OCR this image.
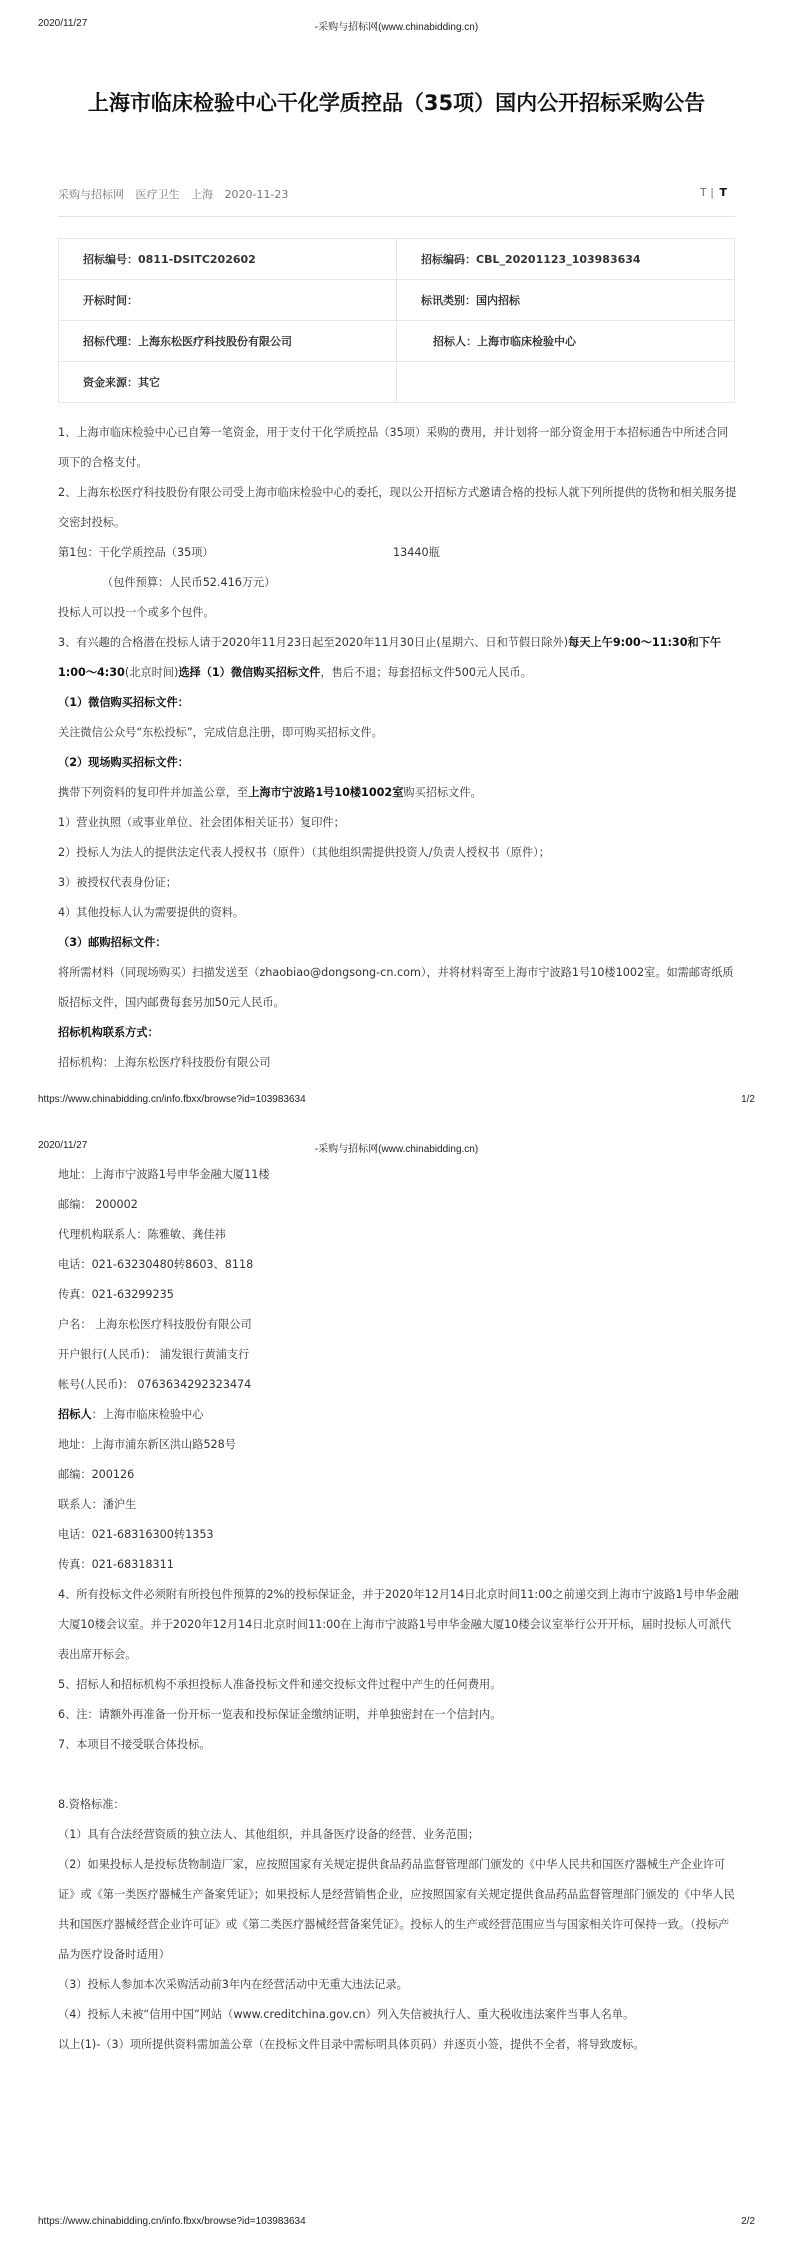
2020/11/27	-采购与招标网(www.chinabidding.cn)
上海市临床检验中心干化学质控品（35项）国内公开招标采购公告
采购与招标网 医疗卫生 上海 2020-11-23	T | T
招标编号：0811-DSITC202602	招标编码：CBL_20201123_103983634
开标时间：	标讯类别：国内招标
招标代理：上海东松医疗科技股份有限公司	招标人：上海市临床检验中心
资金来源：其它	

1、上海市临床检验中心已自筹一笔资金，用于支付干化学质控品（35项）采购的费用，并计划将一部分资金用于本招标通告中所述合同项下的合格支付。

2、上海东松医疗科技股份有限公司受上海市临床检验中心的委托，现以公开招标方式邀请合格的投标人就下列所提供的货物和相关服务提交密封投标。

第1包：干化学质控品（35项）	13440瓶

（包件预算：人民币52.416万元）

投标人可以投一个或多个包件。

3、有兴趣的合格潜在投标人请于2020年11月23日起至2020年11月30日止(星期六、日和节假日除外)每天上午9:00～11:30和下午1:00～4:30(北京时间)选择（1）微信购买招标文件，售后不退；每套招标文件500元人民币。

（1）微信购买招标文件：

关注微信公众号“东松投标”，完成信息注册，即可购买招标文件。

（2）现场购买招标文件：

携带下列资料的复印件并加盖公章，至上海市宁波路1号10楼1002室购买招标文件。

1）营业执照（或事业单位、社会团体相关证书）复印件；

2）投标人为法人的提供法定代表人授权书（原件）（其他组织需提供投资人/负责人授权书（原件）；

3）被授权代表身份证；

4）其他投标人认为需要提供的资料。

（3）邮购招标文件：

将所需材料（同现场购买）扫描发送至（zhaobiao@dongsong-cn.com），并将材料寄至上海市宁波路1号10楼1002室。如需邮寄纸质版招标文件，国内邮费每套另加50元人民币。

招标机构联系方式：

招标机构：上海东松医疗科技股份有限公司

https://www.chinabidding.cn/info.fbxx/browse?id=103983634	1/2
2020/11/27	-采购与招标网(www.chinabidding.cn)

地址：上海市宁波路1号申华金融大厦11楼

邮编： 200002

代理机构联系人：陈雅敏、龚佳祎

电话：021-63230480转8603、8118

传真：021-63299235

户名： 上海东松医疗科技股份有限公司

开户银行(人民币)： 浦发银行黄浦支行

帐号(人民币)： 076363429​2323474

招标人：上海市临床检验中心

地址：上海市浦东新区洪山路528号

邮编：200126

联系人：潘沪生

电话：021-68316300转1353

传真：021-68318311

4、所有投标文件必须附有所投包件预算的2%的投标保证金，并于2020年12月14日北京时间11:00之前递交到上海市宁波路1号申华金融大厦10楼会议室。并于2020年12月14日北京时间11:00在上海市宁波路1号申华金融大厦10楼会议室举行公开开标，届时投标人可派代表出席开标会。

5、招标人和招标机构不承担投标人准备投标文件和递交投标文件过程中产生的任何费用。

6、注：请额外再准备一份开标一览表和投标保证金缴纳证明，并单独密封在一个信封内。

7、本项目不接受联合体投标。

8.资格标准：

（1）具有合法经营资质的独立法人、其他组织，并具备医疗设备的经营、业务范围；

（2）如果投标人是投标货物制造厂家，应按照国家有关规定提供食品药品监督管理部门颁发的《中华人民共和国医疗器械生产企业许可证》或《第一类医疗器械生产备案凭证》；如果投标人是经营销售企业，应按照国家有关规定提供食品药品监督管理部门颁发的《中华人民共和国医疗器械经营企业许可证》或《第二类医疗器械经营备案凭证》。投标人的生产或经营范围应当与国家相关许可保持一致。（投标产品为医疗设备时适用）

（3）投标人参加本次采购活动前3年内在经营活动中无重大违法记录。

（4）投标人未被“信用中国”网站（www.creditchina.gov.cn）列入失信被执行人、重大税收违法案件当事人名单。

以上(1)-（3）项所提供资料需加盖公章（在投标文件目录中需标明具体页码）并逐页小签，提供不全者，将导致废标。

https://www.chinabidding.cn/info.fbxx/browse?id=103983634	2/2
